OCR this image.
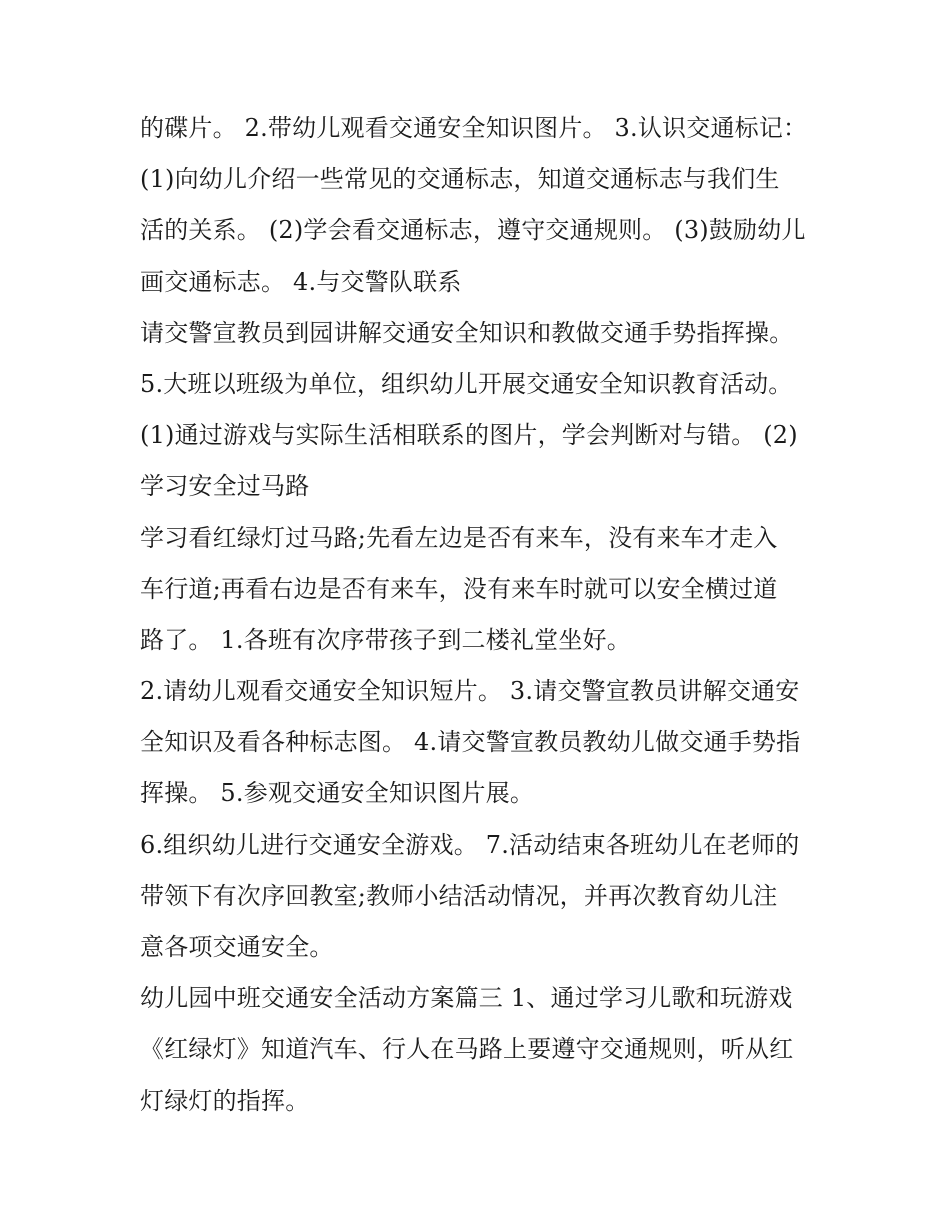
的碟片。 2.带幼儿观看交通安全知识图片。 3.认识交通标记：
(1)向幼儿介绍一些常见的交通标志，知道交通标志与我们生
活的关系。 (2)学会看交通标志，遵守交通规则。 (3)鼓励幼儿
画交通标志。 4.与交警队联系
请交警宣教员到园讲解交通安全知识和教做交通手势指挥操。
5.大班以班级为单位，组织幼儿开展交通安全知识教育活动。
(1)通过游戏与实际生活相联系的图片，学会判断对与错。 (2)
学习安全过马路
学习看红绿灯过马路;先看左边是否有来车，没有来车才走入
车行道;再看右边是否有来车，没有来车时就可以安全横过道
路了。 1.各班有次序带孩子到二楼礼堂坐好。
2.请幼儿观看交通安全知识短片。 3.请交警宣教员讲解交通安
全知识及看各种标志图。 4.请交警宣教员教幼儿做交通手势指
挥操。 5.参观交通安全知识图片展。
6.组织幼儿进行交通安全游戏。 7.活动结束各班幼儿在老师的
带领下有次序回教室;教师小结活动情况，并再次教育幼儿注
意各项交通安全。
幼儿园中班交通安全活动方案篇三 1、通过学习儿歌和玩游戏
《红绿灯》知道汽车、行人在马路上要遵守交通规则，听从红
灯绿灯的指挥。
